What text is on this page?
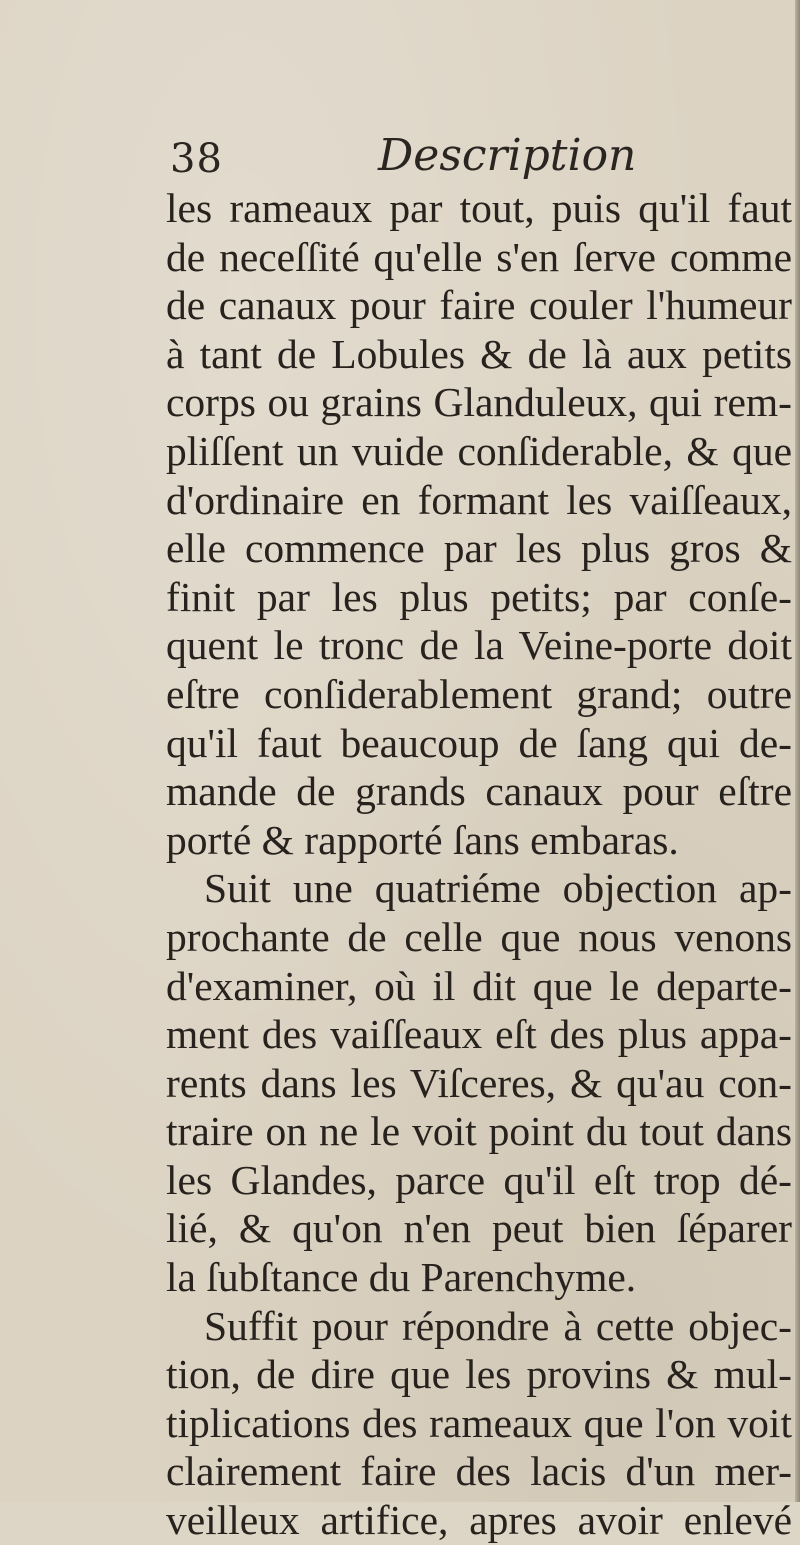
38	Description
les rameaux par tout, puis qu'il faut
de neceſſité qu'elle s'en ſerve comme
de canaux pour faire couler l'humeur
à tant de Lobules & de là aux petits
corps ou grains Glanduleux, qui rem-
pliſſent un vuide conſiderable, & que
d'ordinaire en formant les vaiſſeaux,
elle commence par les plus gros &
finit par les plus petits; par conſe-
quent le tronc de la Veine-porte doit
eſtre conſiderablement grand; outre
qu'il faut beaucoup de ſang qui de-
mande de grands canaux pour eſtre
porté & rapporté ſans embaras.
Suit une quatriéme objection ap-
prochante de celle que nous venons
d'examiner, où il dit que le departe-
ment des vaiſſeaux eſt des plus appa-
rents dans les Viſceres, & qu'au con-
traire on ne le voit point du tout dans
les Glandes, parce qu'il eſt trop dé-
lié, & qu'on n'en peut bien ſéparer
la ſubſtance du Parenchyme.
Suffit pour répondre à cette objec-
tion, de dire que les provins & mul-
tiplications des rameaux que l'on voit
clairement faire des lacis d'un mer-
veilleux artifice, apres avoir enlevé
